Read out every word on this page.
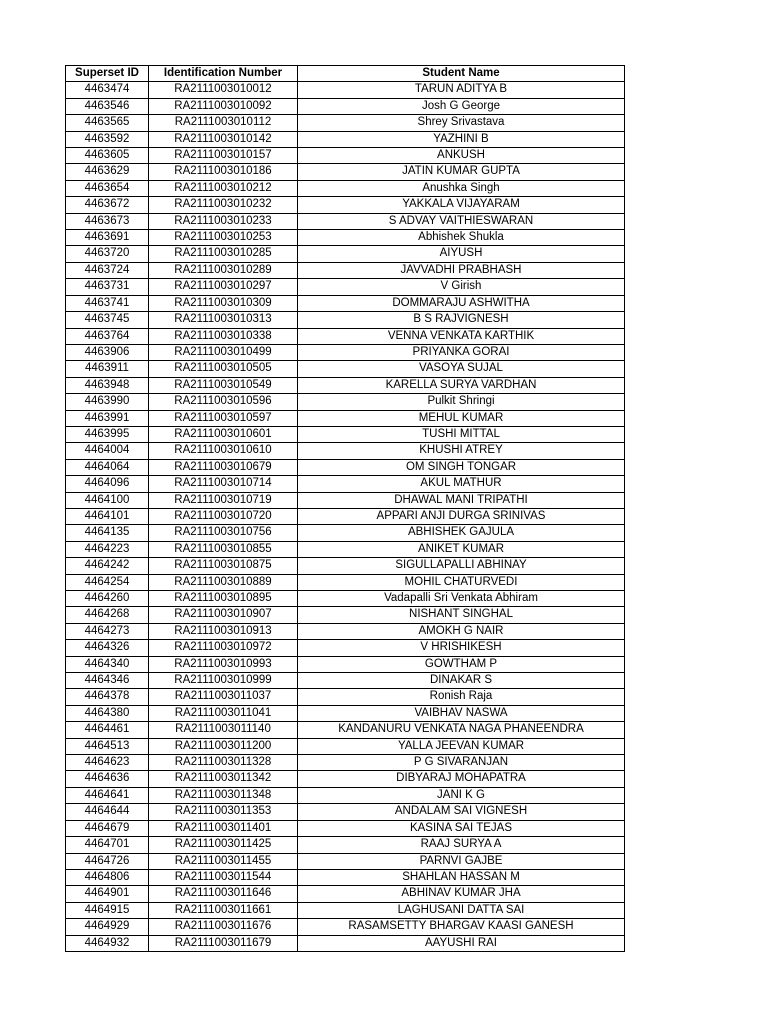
Superset ID	Identification Number	Student Name
4463474	RA2111003010012	TARUN ADITYA B
4463546	RA2111003010092	Josh G George
4463565	RA2111003010112	Shrey Srivastava
4463592	RA2111003010142	YAZHINI B
4463605	RA2111003010157	ANKUSH
4463629	RA2111003010186	JATIN KUMAR GUPTA
4463654	RA2111003010212	Anushka Singh
4463672	RA2111003010232	YAKKALA VIJAYARAM
4463673	RA2111003010233	S ADVAY VAITHIESWARAN
4463691	RA2111003010253	Abhishek Shukla
4463720	RA2111003010285	AIYUSH
4463724	RA2111003010289	JAVVADHI PRABHASH
4463731	RA2111003010297	V Girish
4463741	RA2111003010309	DOMMARAJU ASHWITHA
4463745	RA2111003010313	B S RAJVIGNESH
4463764	RA2111003010338	VENNA VENKATA KARTHIK
4463906	RA2111003010499	PRIYANKA GORAI
4463911	RA2111003010505	VASOYA SUJAL
4463948	RA2111003010549	KARELLA SURYA VARDHAN
4463990	RA2111003010596	Pulkit Shringi
4463991	RA2111003010597	MEHUL KUMAR
4463995	RA2111003010601	TUSHI MITTAL
4464004	RA2111003010610	KHUSHI ATREY
4464064	RA2111003010679	OM SINGH TONGAR
4464096	RA2111003010714	AKUL MATHUR
4464100	RA2111003010719	DHAWAL MANI TRIPATHI
4464101	RA2111003010720	APPARI ANJI DURGA SRINIVAS
4464135	RA2111003010756	ABHISHEK GAJULA
4464223	RA2111003010855	ANIKET KUMAR
4464242	RA2111003010875	SIGULLAPALLI ABHINAY
4464254	RA2111003010889	MOHIL CHATURVEDI
4464260	RA2111003010895	Vadapalli Sri Venkata Abhiram
4464268	RA2111003010907	NISHANT SINGHAL
4464273	RA2111003010913	AMOKH G NAIR
4464326	RA2111003010972	V HRISHIKESH
4464340	RA2111003010993	GOWTHAM P
4464346	RA2111003010999	DINAKAR S
4464378	RA2111003011037	Ronish Raja
4464380	RA2111003011041	VAIBHAV NASWA
4464461	RA2111003011140	KANDANURU VENKATA NAGA PHANEENDRA
4464513	RA2111003011200	YALLA JEEVAN KUMAR
4464623	RA2111003011328	P G SIVARANJAN
4464636	RA2111003011342	DIBYARAJ MOHAPATRA
4464641	RA2111003011348	JANI K G
4464644	RA2111003011353	ANDALAM SAI VIGNESH
4464679	RA2111003011401	KASINA SAI TEJAS
4464701	RA2111003011425	RAAJ SURYA A
4464726	RA2111003011455	PARNVI GAJBE
4464806	RA2111003011544	SHAHLAN HASSAN M
4464901	RA2111003011646	ABHINAV KUMAR JHA
4464915	RA2111003011661	LAGHUSANI DATTA SAI
4464929	RA2111003011676	RASAMSETTY BHARGAV KAASI GANESH
4464932	RA2111003011679	AAYUSHI RAI
